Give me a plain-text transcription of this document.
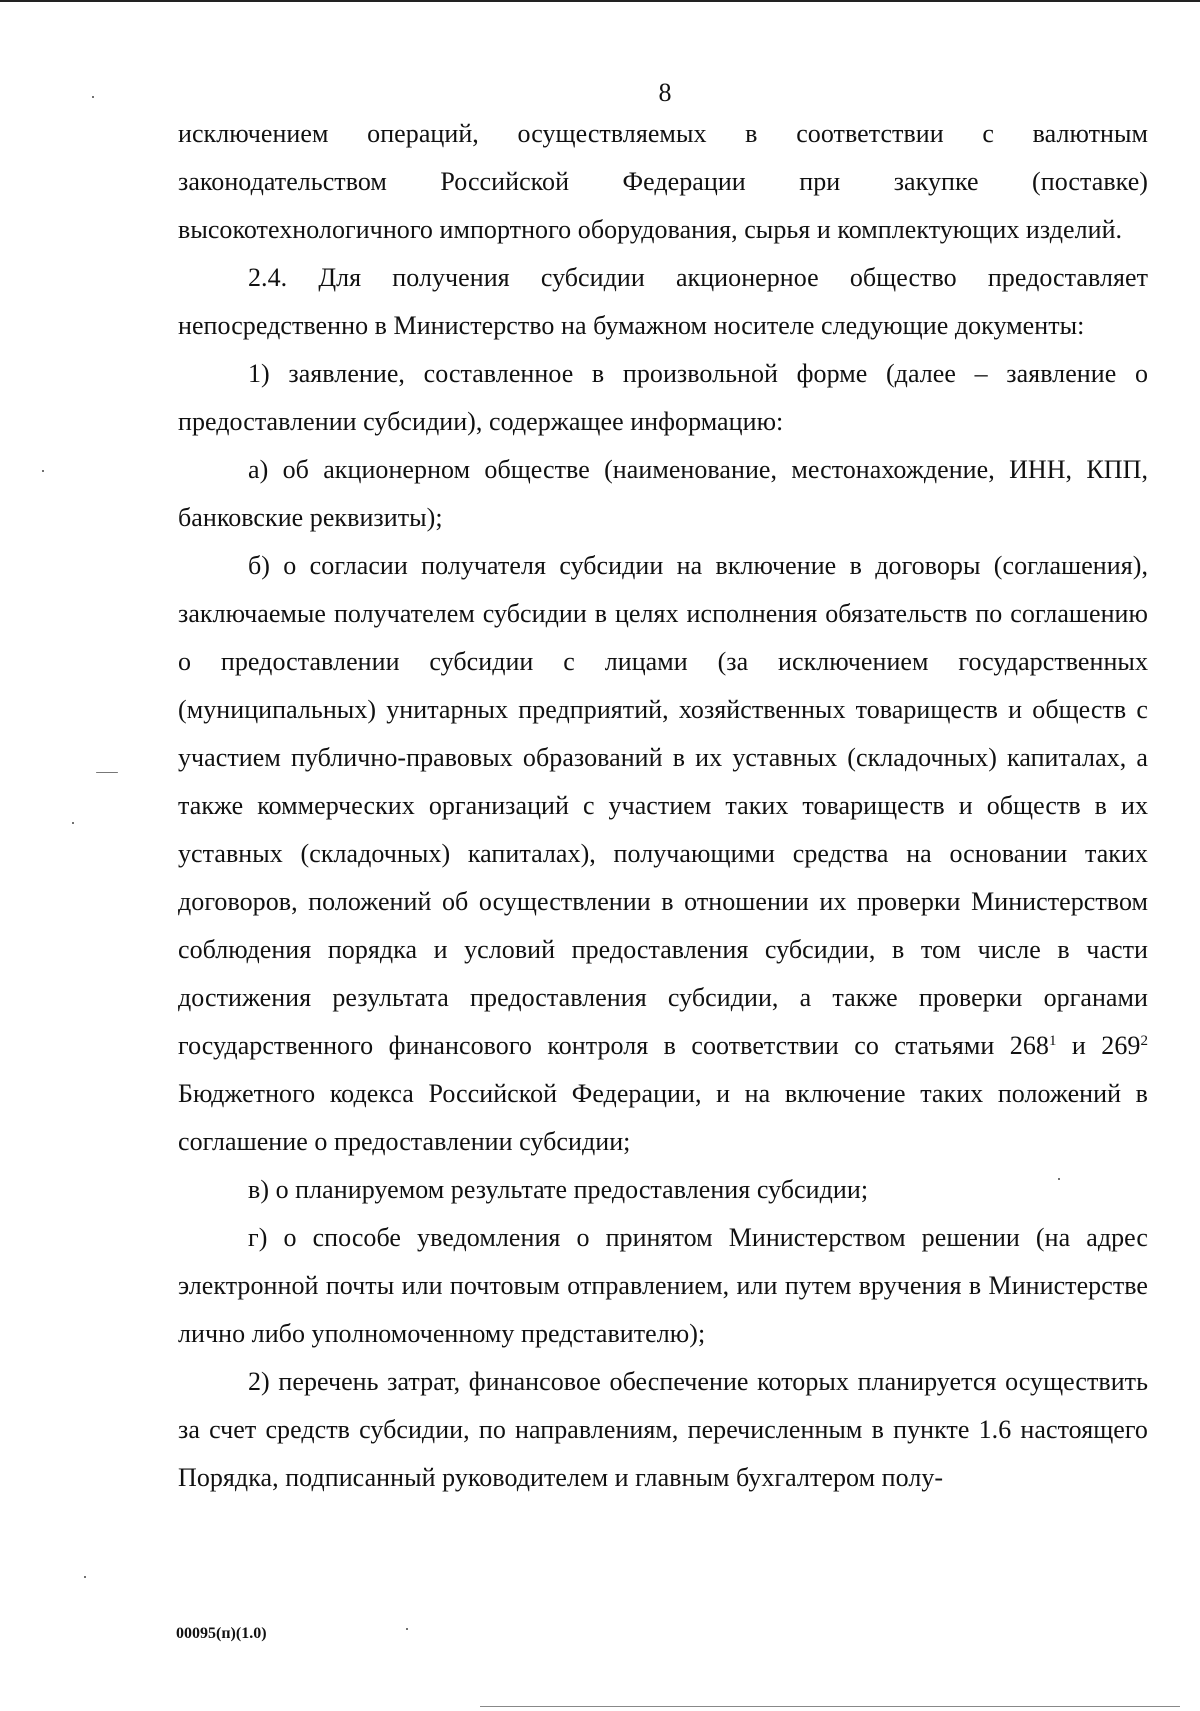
8

исключением операций, осуществляемых в соответствии с валютным законодательством Российской Федерации при закупке (поставке) высокотехнологичного импортного оборудования, сырья и комплектующих изделий.

2.4. Для получения субсидии акционерное общество предоставляет непосредственно в Министерство на бумажном носителе следующие документы:

1) заявление, составленное в произвольной форме (далее – заявление о предоставлении субсидии), содержащее информацию:

а) об акционерном обществе (наименование, местонахождение, ИНН, КПП, банковские реквизиты);

б) о согласии получателя субсидии на включение в договоры (соглашения), заключаемые получателем субсидии в целях исполнения обязательств по соглашению о предоставлении субсидии с лицами (за исключением государственных (муниципальных) унитарных предприятий, хозяйственных товариществ и обществ с участием публично-правовых образований в их уставных (складочных) капиталах, а также коммерческих организаций с участием таких товариществ и обществ в их уставных (складочных) капиталах), получающими средства на основании таких договоров, положений об осуществлении в отношении их проверки Министерством соблюдения порядка и условий предоставления субсидии, в том числе в части достижения результата предоставления субсидии, а также проверки органами государственного финансового контроля в соответствии со статьями $268^1$ и $269^2$ Бюджетного кодекса Российской Федерации, и на включение таких положений в соглашение о предоставлении субсидии;

в) о планируемом результате предоставления субсидии;

г) о способе уведомления о принятом Министерством решении (на адрес электронной почты или почтовым отправлением, или путем вручения в Министерстве лично либо уполномоченному представителю);

2) перечень затрат, финансовое обеспечение которых планируется осуществить за счет средств субсидии, по направлениям, перечисленным в пункте 1.6 настоящего Порядка, подписанный руководителем и главным бухгалтером полу-

00095(п)(1.0)
